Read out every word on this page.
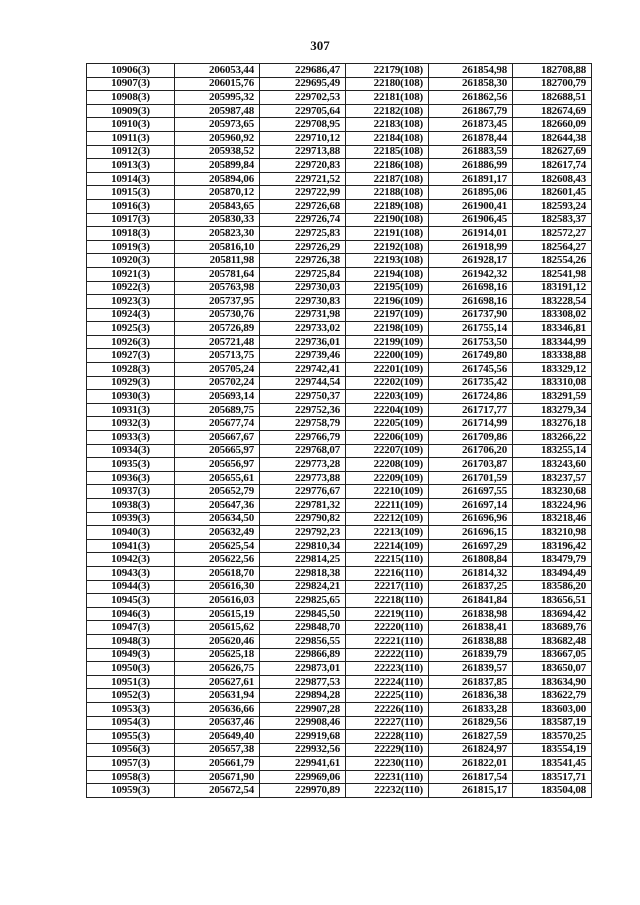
307
10906(3)	206053,44	229686,47	22179(108)	261854,98	182708,88
10907(3)	206015,76	229695,49	22180(108)	261858,30	182700,79
10908(3)	205995,32	229702,53	22181(108)	261862,56	182688,51
10909(3)	205987,48	229705,64	22182(108)	261867,79	182674,69
10910(3)	205973,65	229708,95	22183(108)	261873,45	182660,09
10911(3)	205960,92	229710,12	22184(108)	261878,44	182644,38
10912(3)	205938,52	229713,88	22185(108)	261883,59	182627,69
10913(3)	205899,84	229720,83	22186(108)	261886,99	182617,74
10914(3)	205894,06	229721,52	22187(108)	261891,17	182608,43
10915(3)	205870,12	229722,99	22188(108)	261895,06	182601,45
10916(3)	205843,65	229726,68	22189(108)	261900,41	182593,24
10917(3)	205830,33	229726,74	22190(108)	261906,45	182583,37
10918(3)	205823,30	229725,83	22191(108)	261914,01	182572,27
10919(3)	205816,10	229726,29	22192(108)	261918,99	182564,27
10920(3)	205811,98	229726,38	22193(108)	261928,17	182554,26
10921(3)	205781,64	229725,84	22194(108)	261942,32	182541,98
10922(3)	205763,98	229730,03	22195(109)	261698,16	183191,12
10923(3)	205737,95	229730,83	22196(109)	261698,16	183228,54
10924(3)	205730,76	229731,98	22197(109)	261737,90	183308,02
10925(3)	205726,89	229733,02	22198(109)	261755,14	183346,81
10926(3)	205721,48	229736,01	22199(109)	261753,50	183344,99
10927(3)	205713,75	229739,46	22200(109)	261749,80	183338,88
10928(3)	205705,24	229742,41	22201(109)	261745,56	183329,12
10929(3)	205702,24	229744,54	22202(109)	261735,42	183310,08
10930(3)	205693,14	229750,37	22203(109)	261724,86	183291,59
10931(3)	205689,75	229752,36	22204(109)	261717,77	183279,34
10932(3)	205677,74	229758,79	22205(109)	261714,99	183276,18
10933(3)	205667,67	229766,79	22206(109)	261709,86	183266,22
10934(3)	205665,97	229768,07	22207(109)	261706,20	183255,14
10935(3)	205656,97	229773,28	22208(109)	261703,87	183243,60
10936(3)	205655,61	229773,88	22209(109)	261701,59	183237,57
10937(3)	205652,79	229776,67	22210(109)	261697,55	183230,68
10938(3)	205647,36	229781,32	22211(109)	261697,14	183224,96
10939(3)	205634,50	229790,82	22212(109)	261696,96	183218,46
10940(3)	205632,49	229792,23	22213(109)	261696,15	183210,98
10941(3)	205625,54	229810,34	22214(109)	261697,29	183196,42
10942(3)	205622,56	229814,25	22215(110)	261808,84	183479,79
10943(3)	205618,70	229818,38	22216(110)	261814,32	183494,49
10944(3)	205616,30	229824,21	22217(110)	261837,25	183586,20
10945(3)	205616,03	229825,65	22218(110)	261841,84	183656,51
10946(3)	205615,19	229845,50	22219(110)	261838,98	183694,42
10947(3)	205615,62	229848,70	22220(110)	261838,41	183689,76
10948(3)	205620,46	229856,55	22221(110)	261838,88	183682,48
10949(3)	205625,18	229866,89	22222(110)	261839,79	183667,05
10950(3)	205626,75	229873,01	22223(110)	261839,57	183650,07
10951(3)	205627,61	229877,53	22224(110)	261837,85	183634,90
10952(3)	205631,94	229894,28	22225(110)	261836,38	183622,79
10953(3)	205636,66	229907,28	22226(110)	261833,28	183603,00
10954(3)	205637,46	229908,46	22227(110)	261829,56	183587,19
10955(3)	205649,40	229919,68	22228(110)	261827,59	183570,25
10956(3)	205657,38	229932,56	22229(110)	261824,97	183554,19
10957(3)	205661,79	229941,61	22230(110)	261822,01	183541,45
10958(3)	205671,90	229969,06	22231(110)	261817,54	183517,71
10959(3)	205672,54	229970,89	22232(110)	261815,17	183504,08
